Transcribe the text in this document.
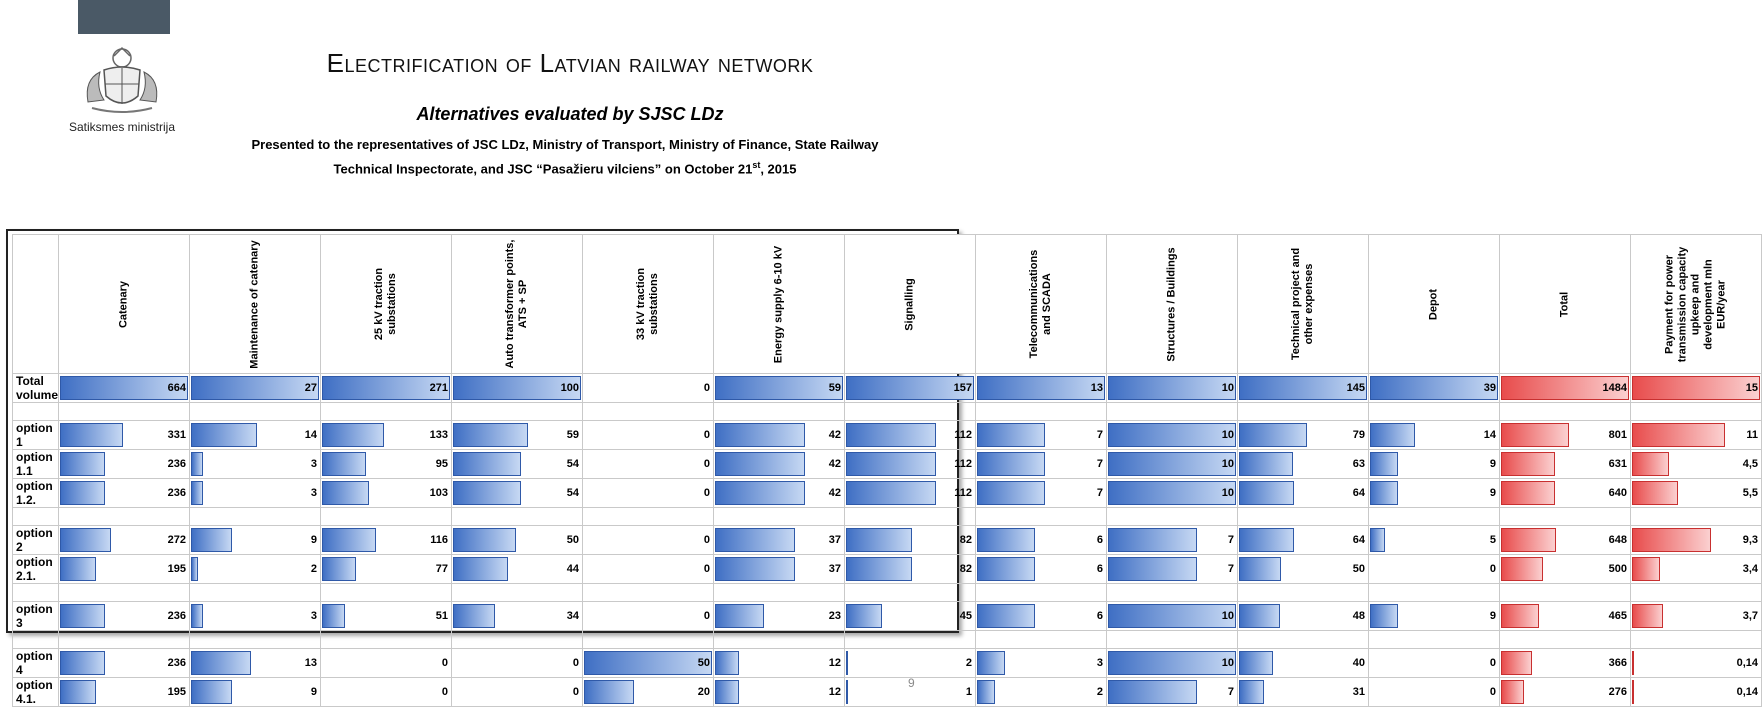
Satiksmes ministrija
Electrification of Latvian railway network
Alternatives evaluated by SJSC LDz
Presented to the representatives of JSC LDz, Ministry of Transport, Ministry of Finance, State Railway
Technical Inspectorate, and JSC “Pasažieru vilciens” on October 21st, 2015

	Catenary	Maintenance of catenary	25 kV traction substations	Auto transformer points, ATS + SP	33 kV traction substations	Energy supply 6-10 kV	Signalling	Telecommunications and SCADA	Structures / Buildings	Technical project and other expenses	Depot	Total	Payment for power transmission capacity upkeep and development mln EUR/year

Total volume	664	27	271	100	0	59	157	13	10	145	39	1484	15

option 1	331	14	133	59	0	42	112	7	10	79	14	801	11
option 1.1	236	3	95	54	0	42	112	7	10	63	9	631	4,5
option 1.2.	236	3	103	54	0	42	112	7	10	64	9	640	5,5

option 2	272	9	116	50	0	37	82	6	7	64	5	648	9,3
option 2.1.	195	2	77	44	0	37	82	6	7	50	0	500	3,4

option 3	236	3	51	34	0	23	45	6	10	48	9	465	3,7

option 4	236	13	0	0	50	12	2	3	10	40	0	366	0,14
option 4.1.	195	9	0	0	20	12	1	2	7	31	0	276	0,14
9
